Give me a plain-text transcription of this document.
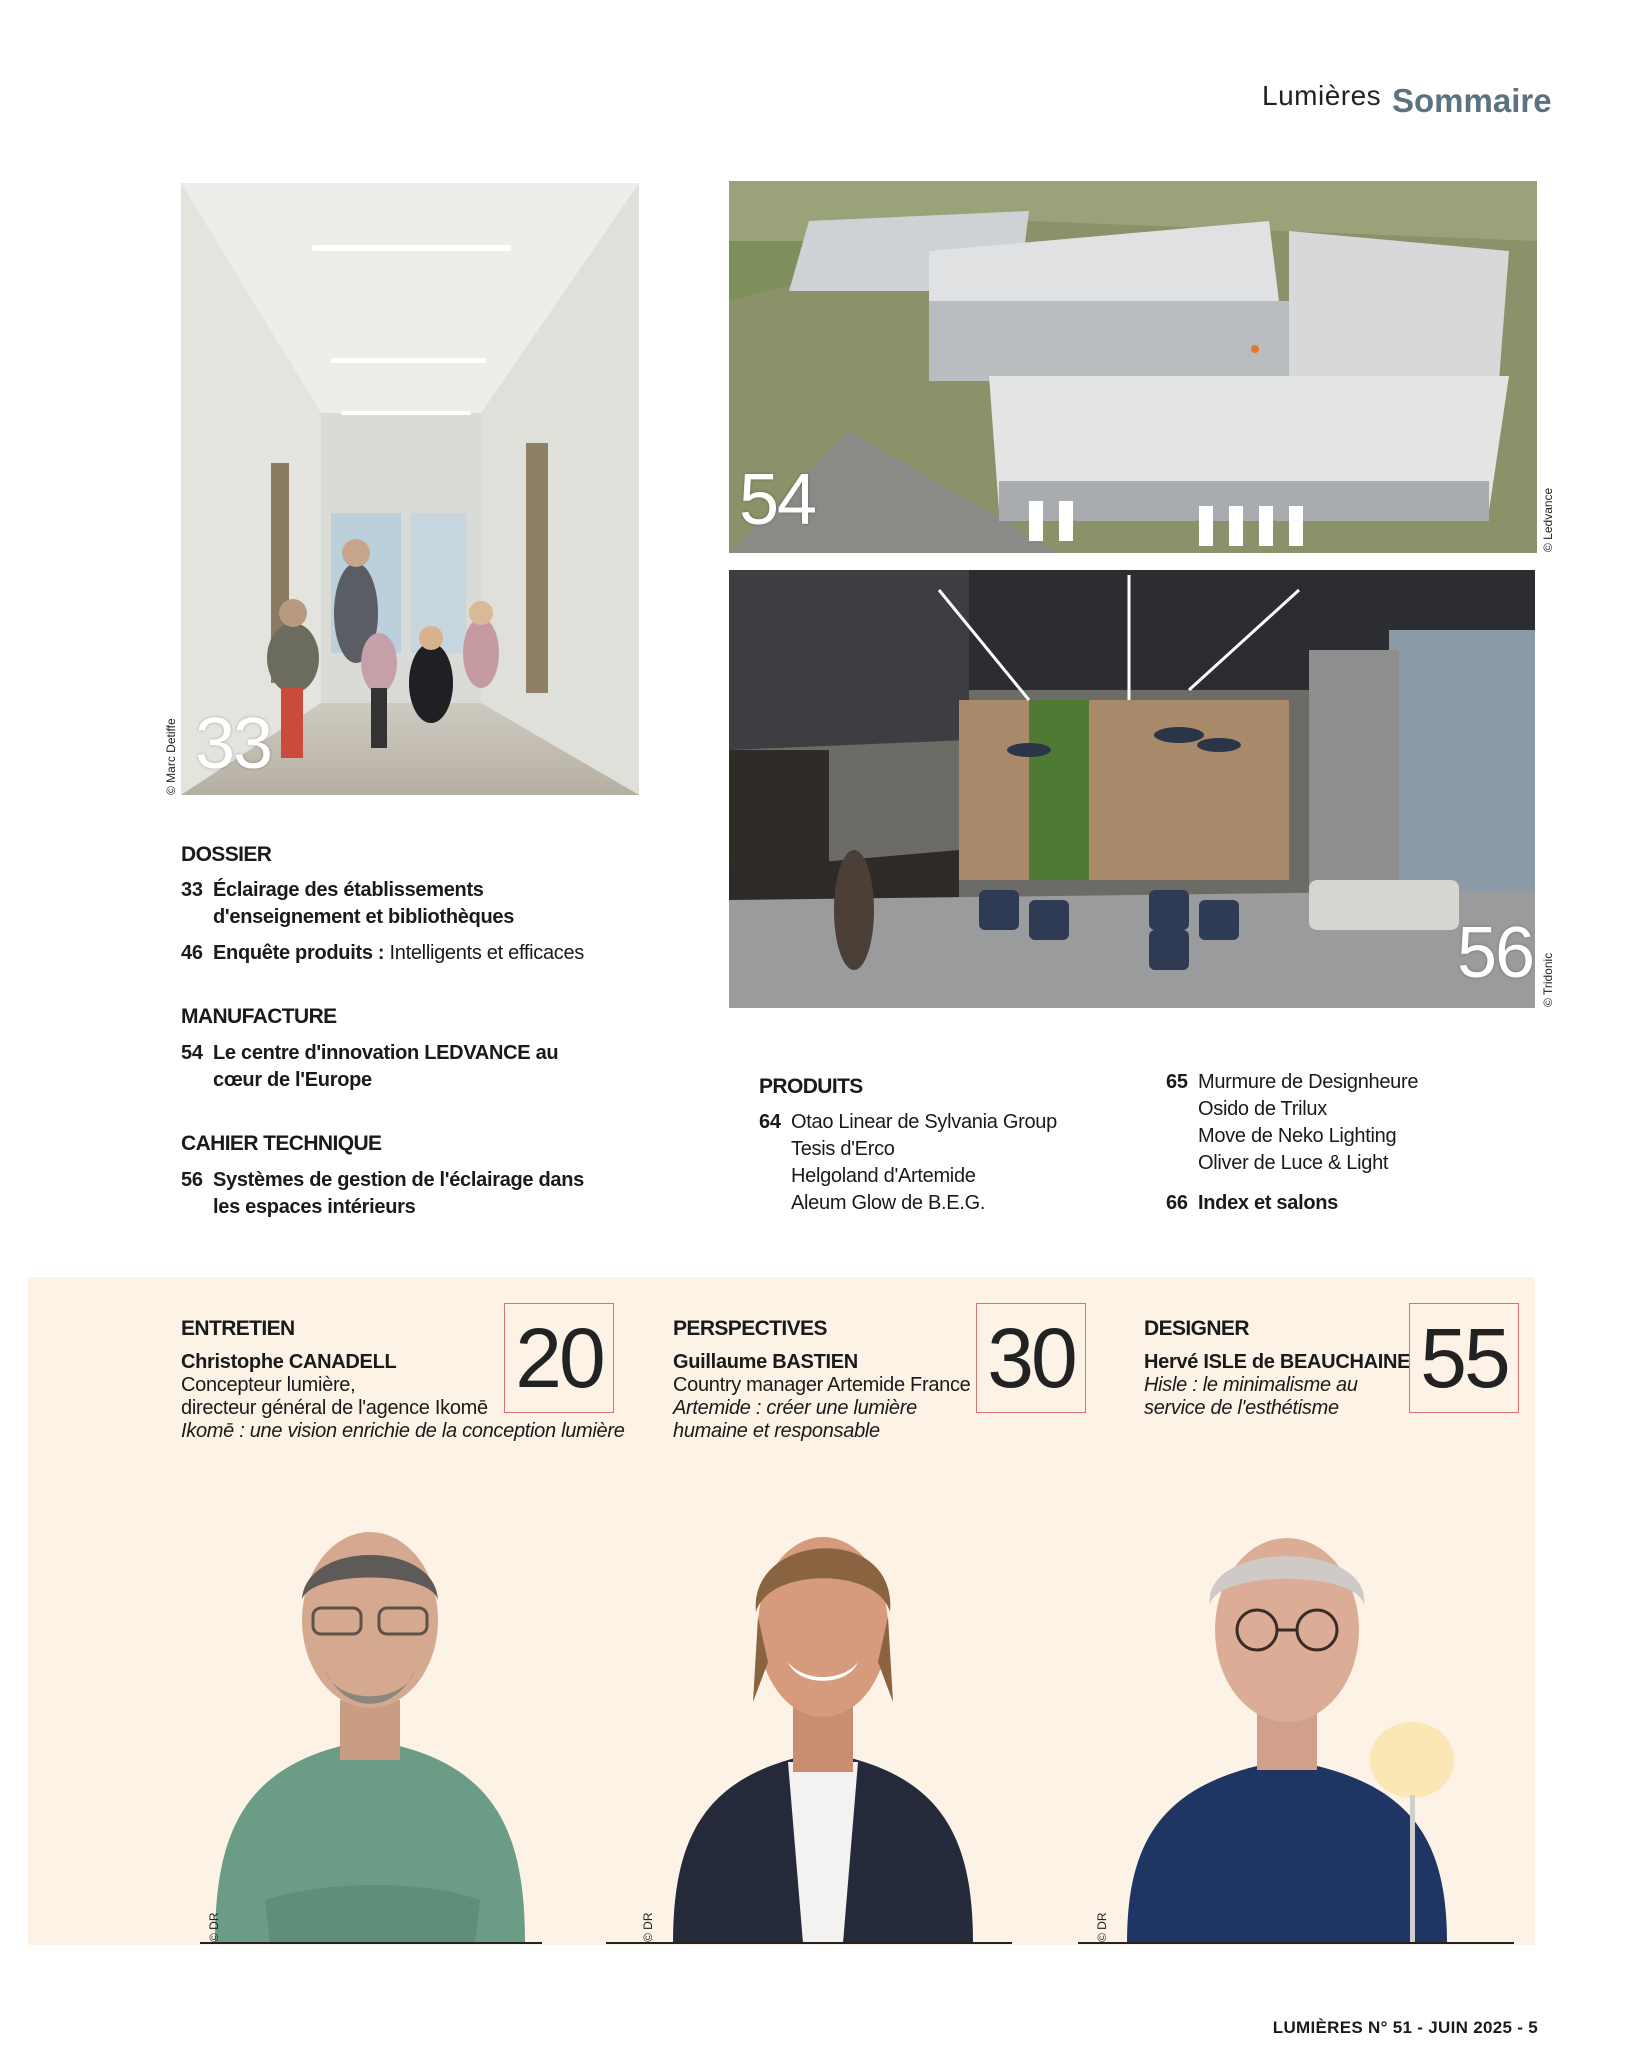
Lumières Sommaire
33
© Marc Detiffe
54	© Ledvance
56 © Tridonic
DOSSIER
33 Éclairage des établissements
d'enseignement et bibliothèques
46 Enquête produits : Intelligents et efficaces
MANUFACTURE
54 Le centre d'innovation LEDVANCE au
cœur de l'Europe
CAHIER TECHNIQUE
56 Systèmes de gestion de l'éclairage dans
les espaces intérieurs
PRODUITS
64 Otao Linear de Sylvania Group
Tesis d'Erco
Helgoland d'Artemide
Aleum Glow de B.E.G.
65 Murmure de Designheure
Osido de Trilux
Move de Neko Lighting
Oliver de Luce & Light
66 Index et salons
ENTRETIEN
Christophe CANADELL
Concepteur lumière,
directeur général de l'agence Ikomē
Ikomē : une vision enrichie de la conception lumière
20	PERSPECTIVES
Guillaume BASTIEN
Country manager Artemide France
Artemide : créer une lumière
humaine et responsable
30	DESIGNER
Hervé ISLE de BEAUCHAINE
Hisle : le minimalisme au
service de l'esthétisme
55
© DR	© DR	© DR
LUMIÈRES N° 51 - JUIN 2025 - 5
